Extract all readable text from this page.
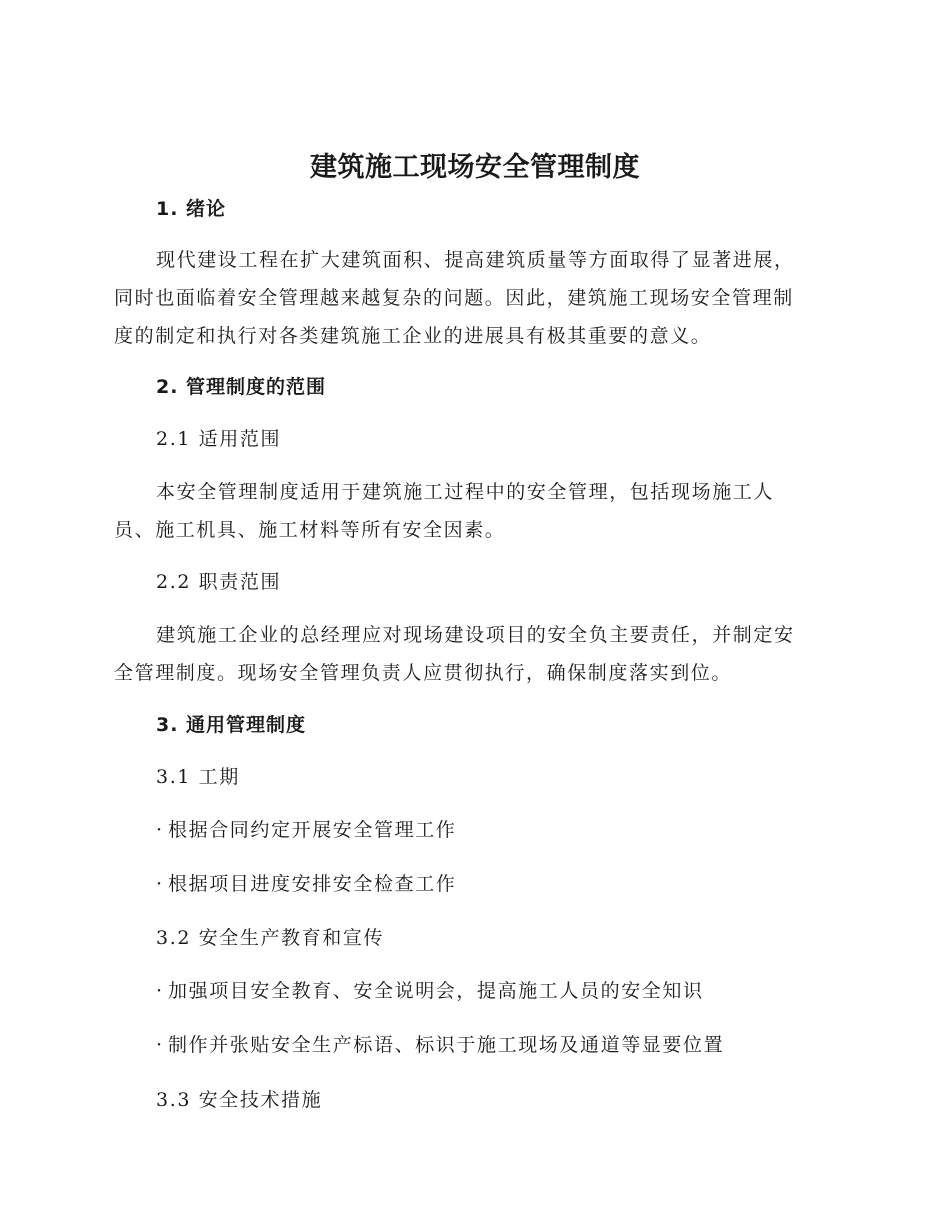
建筑施工现场安全管理制度
1. 绪论
现代建设工程在扩大建筑面积、提高建筑质量等方面取得了显著进展，
同时也面临着安全管理越来越复杂的问题。因此，建筑施工现场安全管理制
度的制定和执行对各类建筑施工企业的进展具有极其重要的意义。
2. 管理制度的范围
2.1 适用范围
本安全管理制度适用于建筑施工过程中的安全管理，包括现场施工人
员、施工机具、施工材料等所有安全因素。
2.2 职责范围
建筑施工企业的总经理应对现场建设项目的安全负主要责任，并制定安
全管理制度。现场安全管理负责人应贯彻执行，确保制度落实到位。
3. 通用管理制度
3.1 工期
· 根据合同约定开展安全管理工作
· 根据项目进度安排安全检查工作
3.2 安全生产教育和宣传
· 加强项目安全教育、安全说明会，提高施工人员的安全知识
· 制作并张贴安全生产标语、标识于施工现场及通道等显要位置
3.3 安全技术措施
